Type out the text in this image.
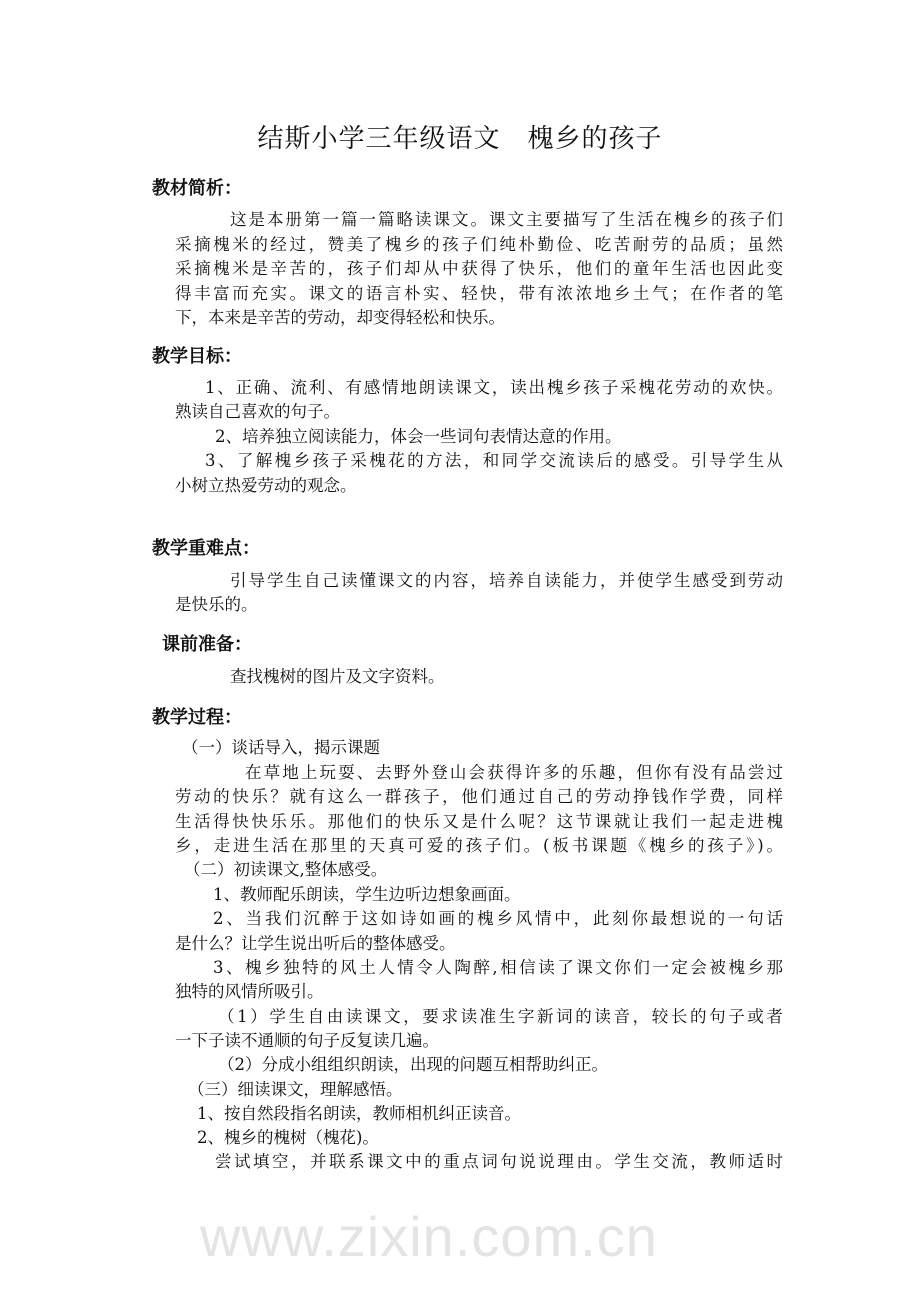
www.zixin.com.cn
结斯小学三年级语文　槐乡的孩子
教材简析：
这是本册第一篇一篇略读课文。课文主要描写了生活在槐乡的孩子们
采摘槐米的经过，赞美了槐乡的孩子们纯朴勤俭、吃苦耐劳的品质；虽然
采摘槐米是辛苦的，孩子们却从中获得了快乐，他们的童年生活也因此变
得丰富而充实。课文的语言朴实、轻快，带有浓浓地乡土气；在作者的笔
下，本来是辛苦的劳动，却变得轻松和快乐。
教学目标：
1、正确、流利、有感情地朗读课文，读出槐乡孩子采槐花劳动的欢快。
熟读自己喜欢的句子。
2、培养独立阅读能力，体会一些词句表情达意的作用。
3、了解槐乡孩子采槐花的方法，和同学交流读后的感受。引导学生从
小树立热爱劳动的观念。
教学重难点：
引导学生自己读懂课文的内容，培养自读能力，并使学生感受到劳动
是快乐的。
课前准备：
查找槐树的图片及文字资料。
教学过程：
（一）谈话导入，揭示课题
在草地上玩耍、去野外登山会获得许多的乐趣，但你有没有品尝过
劳动的快乐？就有这么一群孩子，他们通过自己的劳动挣钱作学费，同样
生活得快快乐乐。那他们的快乐又是什么呢？这节课就让我们一起走进槐
乡，走进生活在那里的天真可爱的孩子们。(板书课题《槐乡的孩子》)。
（二）初读课文,整体感受。
1、教师配乐朗读，学生边听边想象画面。
2、当我们沉醉于这如诗如画的槐乡风情中，此刻你最想说的一句话
是什么？让学生说出听后的整体感受。
3、槐乡独特的风土人情令人陶醉,相信读了课文你们一定会被槐乡那
独特的风情所吸引。
（1）学生自由读课文，要求读准生字新词的读音，较长的句子或者
一下子读不通顺的句子反复读几遍。
（2）分成小组组织朗读，出现的问题互相帮助纠正。
（三）细读课文，理解感悟。
1、按自然段指名朗读，教师相机纠正读音。
2、槐乡的槐树（槐花)。
尝试填空，并联系课文中的重点词句说说理由。学生交流，教师适时
